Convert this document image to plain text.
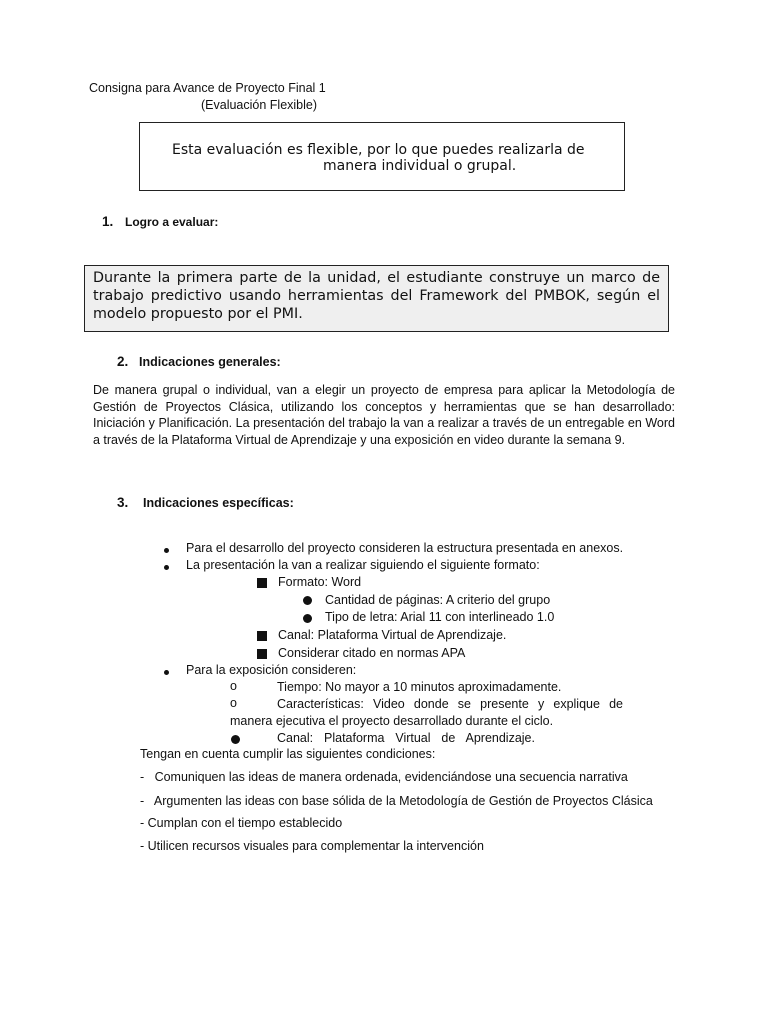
Consigna para Avance de Proyecto Final 1
(Evaluación Flexible)
Esta evaluación es flexible, por lo que puedes realizarla de
manera individual o grupal.
1. Logro a evaluar:
Durante la primera parte de la unidad, el estudiante construye un marco de trabajo predictivo usando herramientas del Framework del PMBOK, según el modelo propuesto por el PMI.
2. Indicaciones generales:
De manera grupal o individual, van a elegir un proyecto de empresa para aplicar la Metodología de Gestión de Proyectos Clásica, utilizando los conceptos y herramientas que se han desarrollado: Iniciación y Planificación. La presentación del trabajo la van a realizar a través de un entregable en Word a través de la Plataforma Virtual de Aprendizaje y una exposición en video durante la semana 9.
3. Indicaciones específicas:
Para el desarrollo del proyecto consideren la estructura presentada en anexos.
La presentación la van a realizar siguiendo el siguiente formato:
Formato: Word
Cantidad de páginas: A criterio del grupo
Tipo de letra: Arial 11 con interlineado 1.0
Canal: Plataforma Virtual de Aprendizaje.
Considerar citado en normas APA
Para la exposición consideren:
o	Tiempo: No mayor a 10 minutos aproximadamente.
o	Características: Video donde se presente y explique de
manera ejecutiva el proyecto desarrollado durante el ciclo.
Canal: Plataforma Virtual de Aprendizaje.
Tengan en cuenta cumplir las siguientes condiciones:
-   Comuniquen las ideas de manera ordenada, evidenciándose una secuencia narrativa
-   Argumenten las ideas con base sólida de la Metodología de Gestión de Proyectos Clásica
- Cumplan con el tiempo establecido
- Utilicen recursos visuales para complementar la intervención
